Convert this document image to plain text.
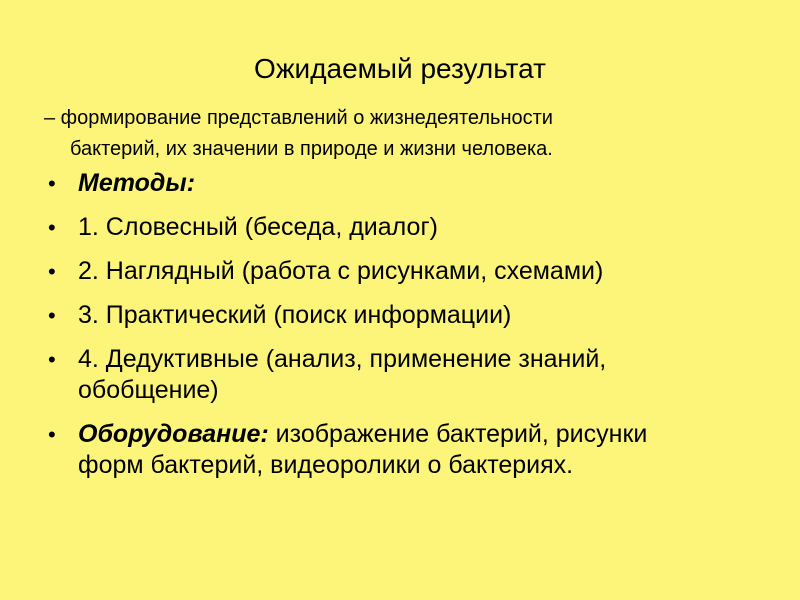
Ожидаемый результат
– формирование представлений о жизнедеятельности
бактерий, их значении в природе и жизни человека.
• Методы:
• 1. Словесный (беседа, диалог)
• 2. Наглядный (работа с рисунками, схемами)
• 3. Практический (поиск информации)
• 4. Дедуктивные (анализ, применение знаний,
обобщение)
• Оборудование: изображение бактерий, рисунки
форм бактерий, видеоролики о бактериях.
